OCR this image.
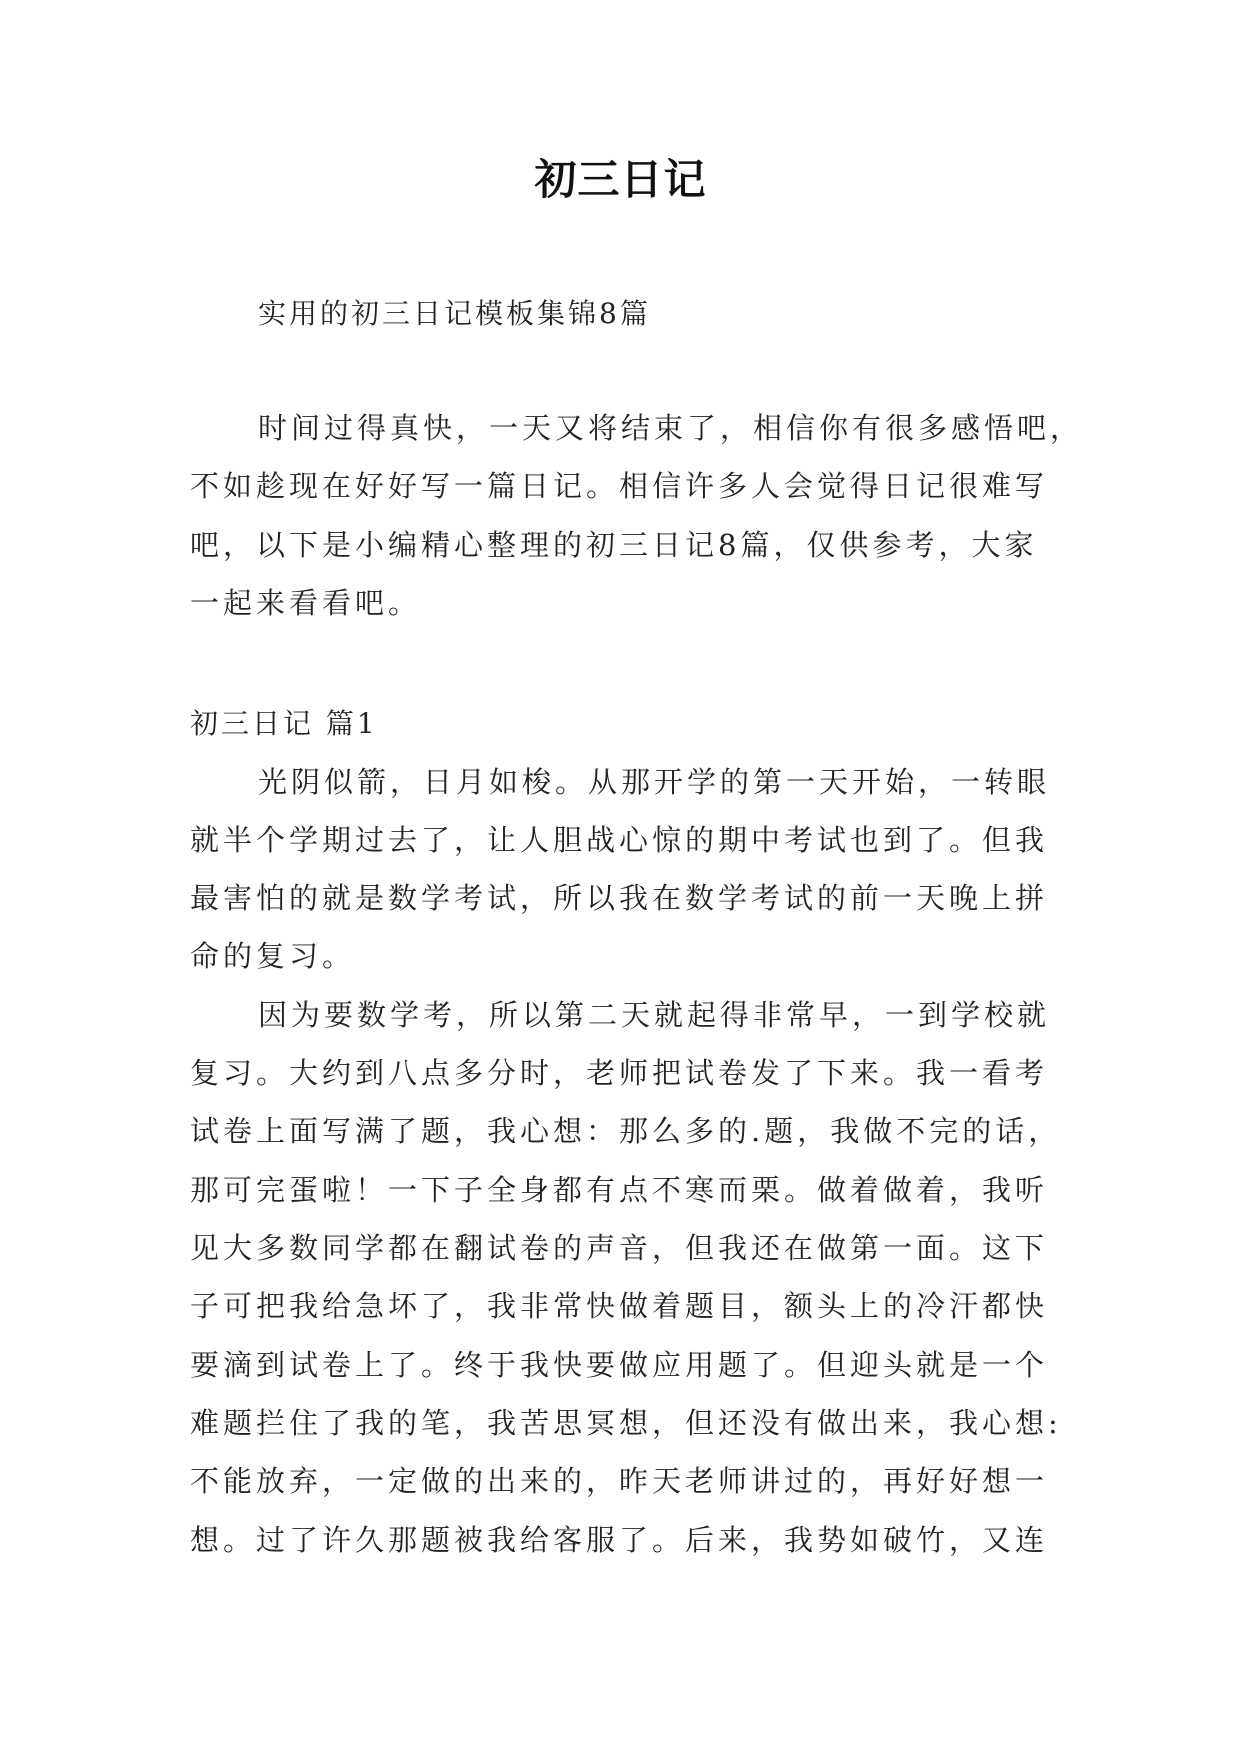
初三日记
实用的初三日记模板集锦8篇
时间过得真快，一天又将结束了，相信你有很多感悟吧，
不如趁现在好好写一篇日记。相信许多人会觉得日记很难写
吧，以下是小编精心整理的初三日记8篇，仅供参考，大家
一起来看看吧。
初三日记 篇1
光阴似箭，日月如梭。从那开学的第一天开始，一转眼
就半个学期过去了，让人胆战心惊的期中考试也到了。但我
最害怕的就是数学考试，所以我在数学考试的前一天晚上拼
命的复习。
因为要数学考，所以第二天就起得非常早，一到学校就
复习。大约到八点多分时，老师把试卷发了下来。我一看考
试卷上面写满了题，我心想：那么多的.题，我做不完的话，
那可完蛋啦！一下子全身都有点不寒而栗。做着做着，我听
见大多数同学都在翻试卷的声音，但我还在做第一面。这下
子可把我给急坏了，我非常快做着题目，额头上的冷汗都快
要滴到试卷上了。终于我快要做应用题了。但迎头就是一个
难题拦住了我的笔，我苦思冥想，但还没有做出来，我心想:
不能放弃，一定做的出来的，昨天老师讲过的，再好好想一
想。过了许久那题被我给客服了。后来，我势如破竹，又连
